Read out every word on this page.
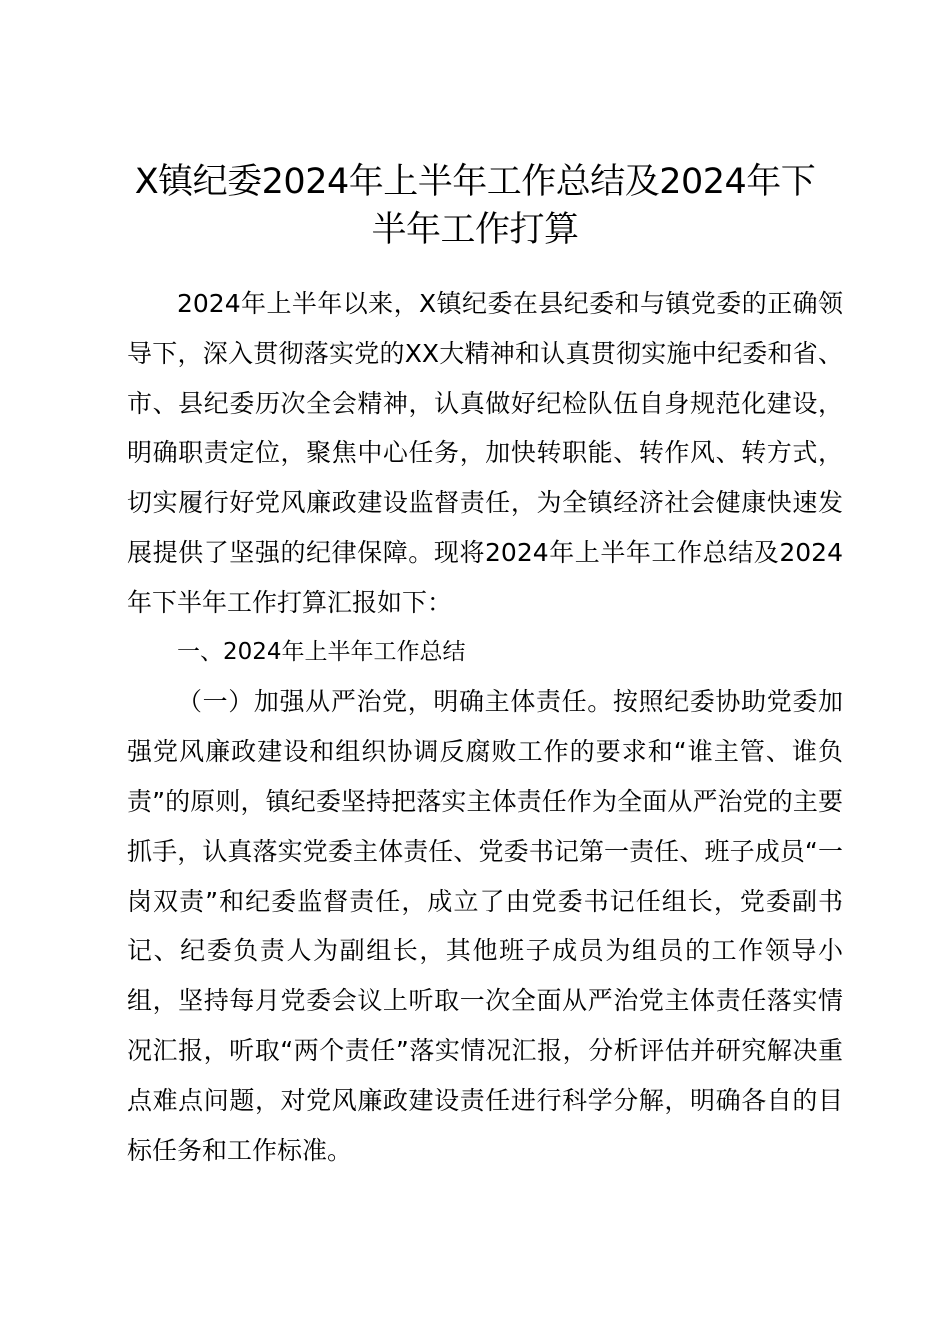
X镇纪委2024年上半年工作总结及2024年下半年工作打算

2024年上半年以来，X镇纪委在县纪委和与镇党委的正确领导下，深入贯彻落实党的XX大精神和认真贯彻实施中纪委和省、市、县纪委历次全会精神，认真做好纪检队伍自身规范化建设，明确职责定位，聚焦中心任务，加快转职能、转作风、转方式，切实履行好党风廉政建设监督责任，为全镇经济社会健康快速发展提供了坚强的纪律保障。现将2024年上半年工作总结及2024年下半年工作打算汇报如下：

一、2024年上半年工作总结

（一）加强从严治党，明确主体责任。按照纪委协助党委加强党风廉政建设和组织协调反腐败工作的要求和“谁主管、谁负责”的原则，镇纪委坚持把落实主体责任作为全面从严治党的主要抓手，认真落实党委主体责任、党委书记第一责任、班子成员“一岗双责”和纪委监督责任，成立了由党委书记任组长，党委副书记、纪委负责人为副组长，其他班子成员为组员的工作领导小组，坚持每月党委会议上听取一次全面从严治党主体责任落实情况汇报，听取“两个责任”落实情况汇报，分析评估并研究解决重点难点问题，对党风廉政建设责任进行科学分解，明确各自的目标任务和工作标准。
